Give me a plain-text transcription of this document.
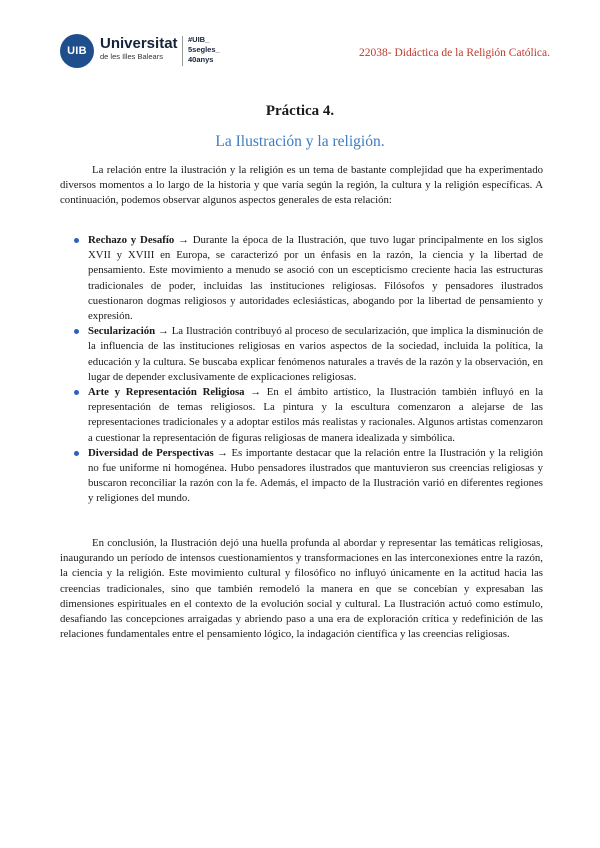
UIB Universitat
de les Illes Balears
#UIB_
5segles_
40anys
22038- Didáctica de la Religión Católica.
Práctica 4.
La Ilustración y la religión.

La relación entre la ilustración y la religión es un tema de bastante complejidad que ha experimentado diversos momentos a lo largo de la historia y que varía según la región, la cultura y la religión específicas. A continuación, podemos observar algunos aspectos generales de esta relación:

Rechazo y Desafío → Durante la época de la Ilustración, que tuvo lugar principalmente en los siglos XVII y XVIII en Europa, se caracterizó por un énfasis en la razón, la ciencia y la libertad de pensamiento. Este movimiento a menudo se asoció con un escepticismo creciente hacia las estructuras tradicionales de poder, incluidas las instituciones religiosas. Filósofos y pensadores ilustrados cuestionaron dogmas religiosos y autoridades eclesiásticas, abogando por la libertad de pensamiento y expresión.
Secularización → La Ilustración contribuyó al proceso de secularización, que implica la disminución de la influencia de las instituciones religiosas en varios aspectos de la sociedad, incluida la política, la educación y la cultura. Se buscaba explicar fenómenos naturales a través de la razón y la observación, en lugar de depender exclusivamente de explicaciones religiosas.
Arte y Representación Religiosa → En el ámbito artístico, la Ilustración también influyó en la representación de temas religiosos. La pintura y la escultura comenzaron a alejarse de las representaciones tradicionales y a adoptar estilos más realistas y racionales. Algunos artistas comenzaron a cuestionar la representación de figuras religiosas de manera idealizada y simbólica.
Diversidad de Perspectivas → Es importante destacar que la relación entre la Ilustración y la religión no fue uniforme ni homogénea. Hubo pensadores ilustrados que mantuvieron sus creencias religiosas y buscaron reconciliar la razón con la fe. Además, el impacto de la Ilustración varió en diferentes regiones y religiones del mundo.

En conclusión, la Ilustración dejó una huella profunda al abordar y representar las temáticas religiosas, inaugurando un período de intensos cuestionamientos y transformaciones en las interconexiones entre la razón, la ciencia y la religión. Este movimiento cultural y filosófico no influyó únicamente en la actitud hacia las creencias tradicionales, sino que también remodeló la manera en que se concebían y expresaban las dimensiones espirituales en el contexto de la evolución social y cultural. La Ilustración actuó como estímulo, desafiando las concepciones arraigadas y abriendo paso a una era de exploración crítica y redefinición de las relaciones fundamentales entre el pensamiento lógico, la indagación científica y las creencias religiosas.
